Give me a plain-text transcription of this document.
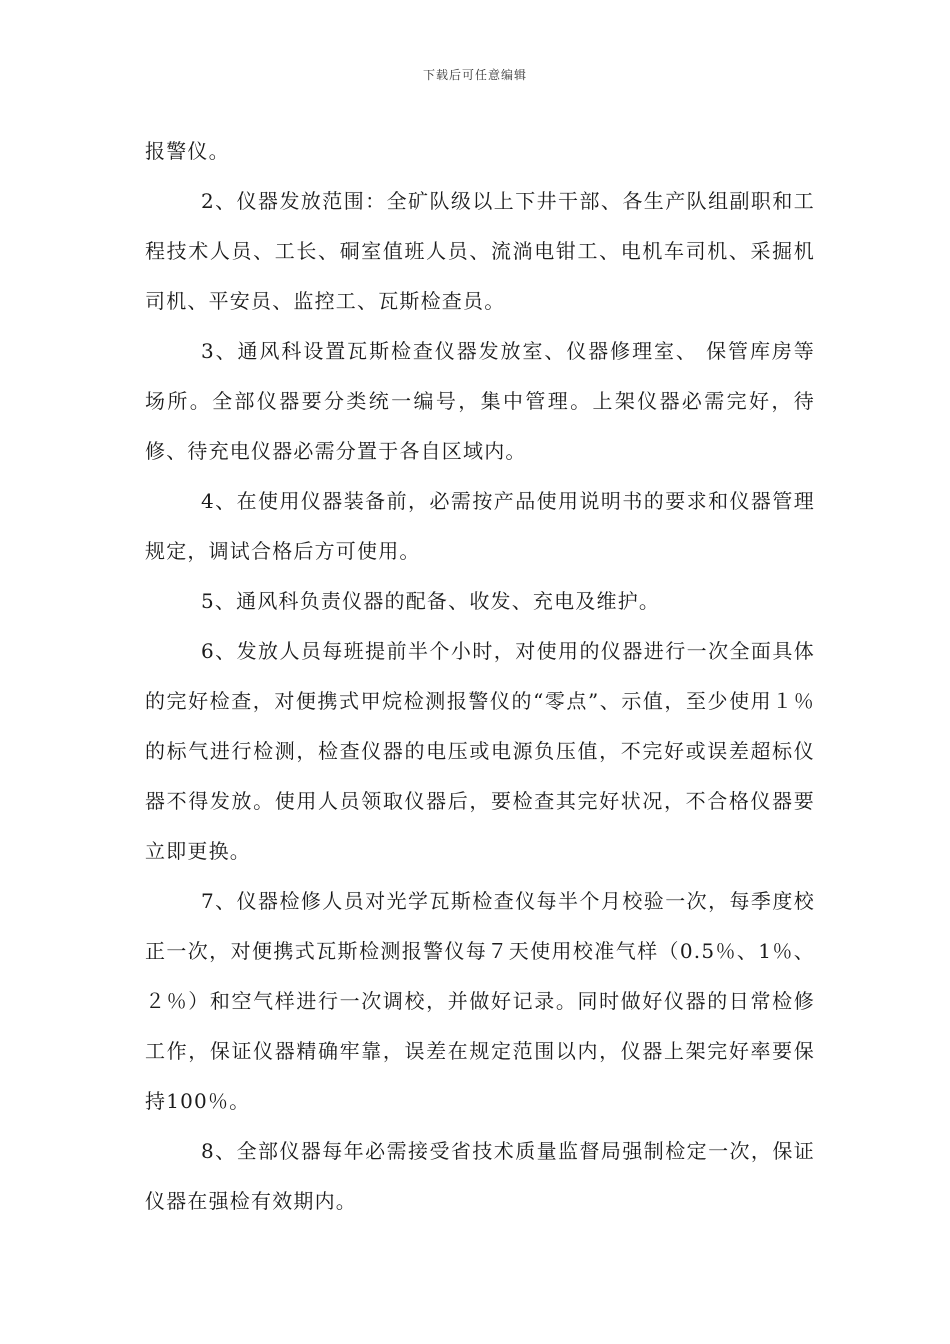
下载后可任意编辑

报警仪。

2、仪器发放范围：全矿队级以上下井干部、各生产队组副职和工程技术人员、工长、硐室值班人员、流淌电钳工、电机车司机、采掘机司机、平安员、监控工、瓦斯检查员。

3、通风科设置瓦斯检查仪器发放室、仪器修理室、 保管库房等场所。全部仪器要分类统一编号，集中管理。上架仪器必需完好，待修、待充电仪器必需分置于各自区域内。

4、在使用仪器装备前，必需按产品使用说明书的要求和仪器管理规定，调试合格后方可使用。

5、通风科负责仪器的配备、收发、充电及维护。

6、发放人员每班提前半个小时，对使用的仪器进行一次全面具体的完好检查，对便携式甲烷检测报警仪的“零点”、示值，至少使用１％的标气进行检测，检查仪器的电压或电源负压值，不完好或误差超标仪器不得发放。使用人员领取仪器后，要检查其完好状况，不合格仪器要立即更换。

7、仪器检修人员对光学瓦斯检查仪每半个月校验一次，每季度校正一次，对便携式瓦斯检测报警仪每７天使用校准气样（0.5％、1％、２％）和空气样进行一次调校，并做好记录。同时做好仪器的日常检修工作，保证仪器精确牢靠，误差在规定范围以内，仪器上架完好率要保持100％。

8、全部仪器每年必需接受省技术质量监督局强制检定一次，保证仪器在强检有效期内。
